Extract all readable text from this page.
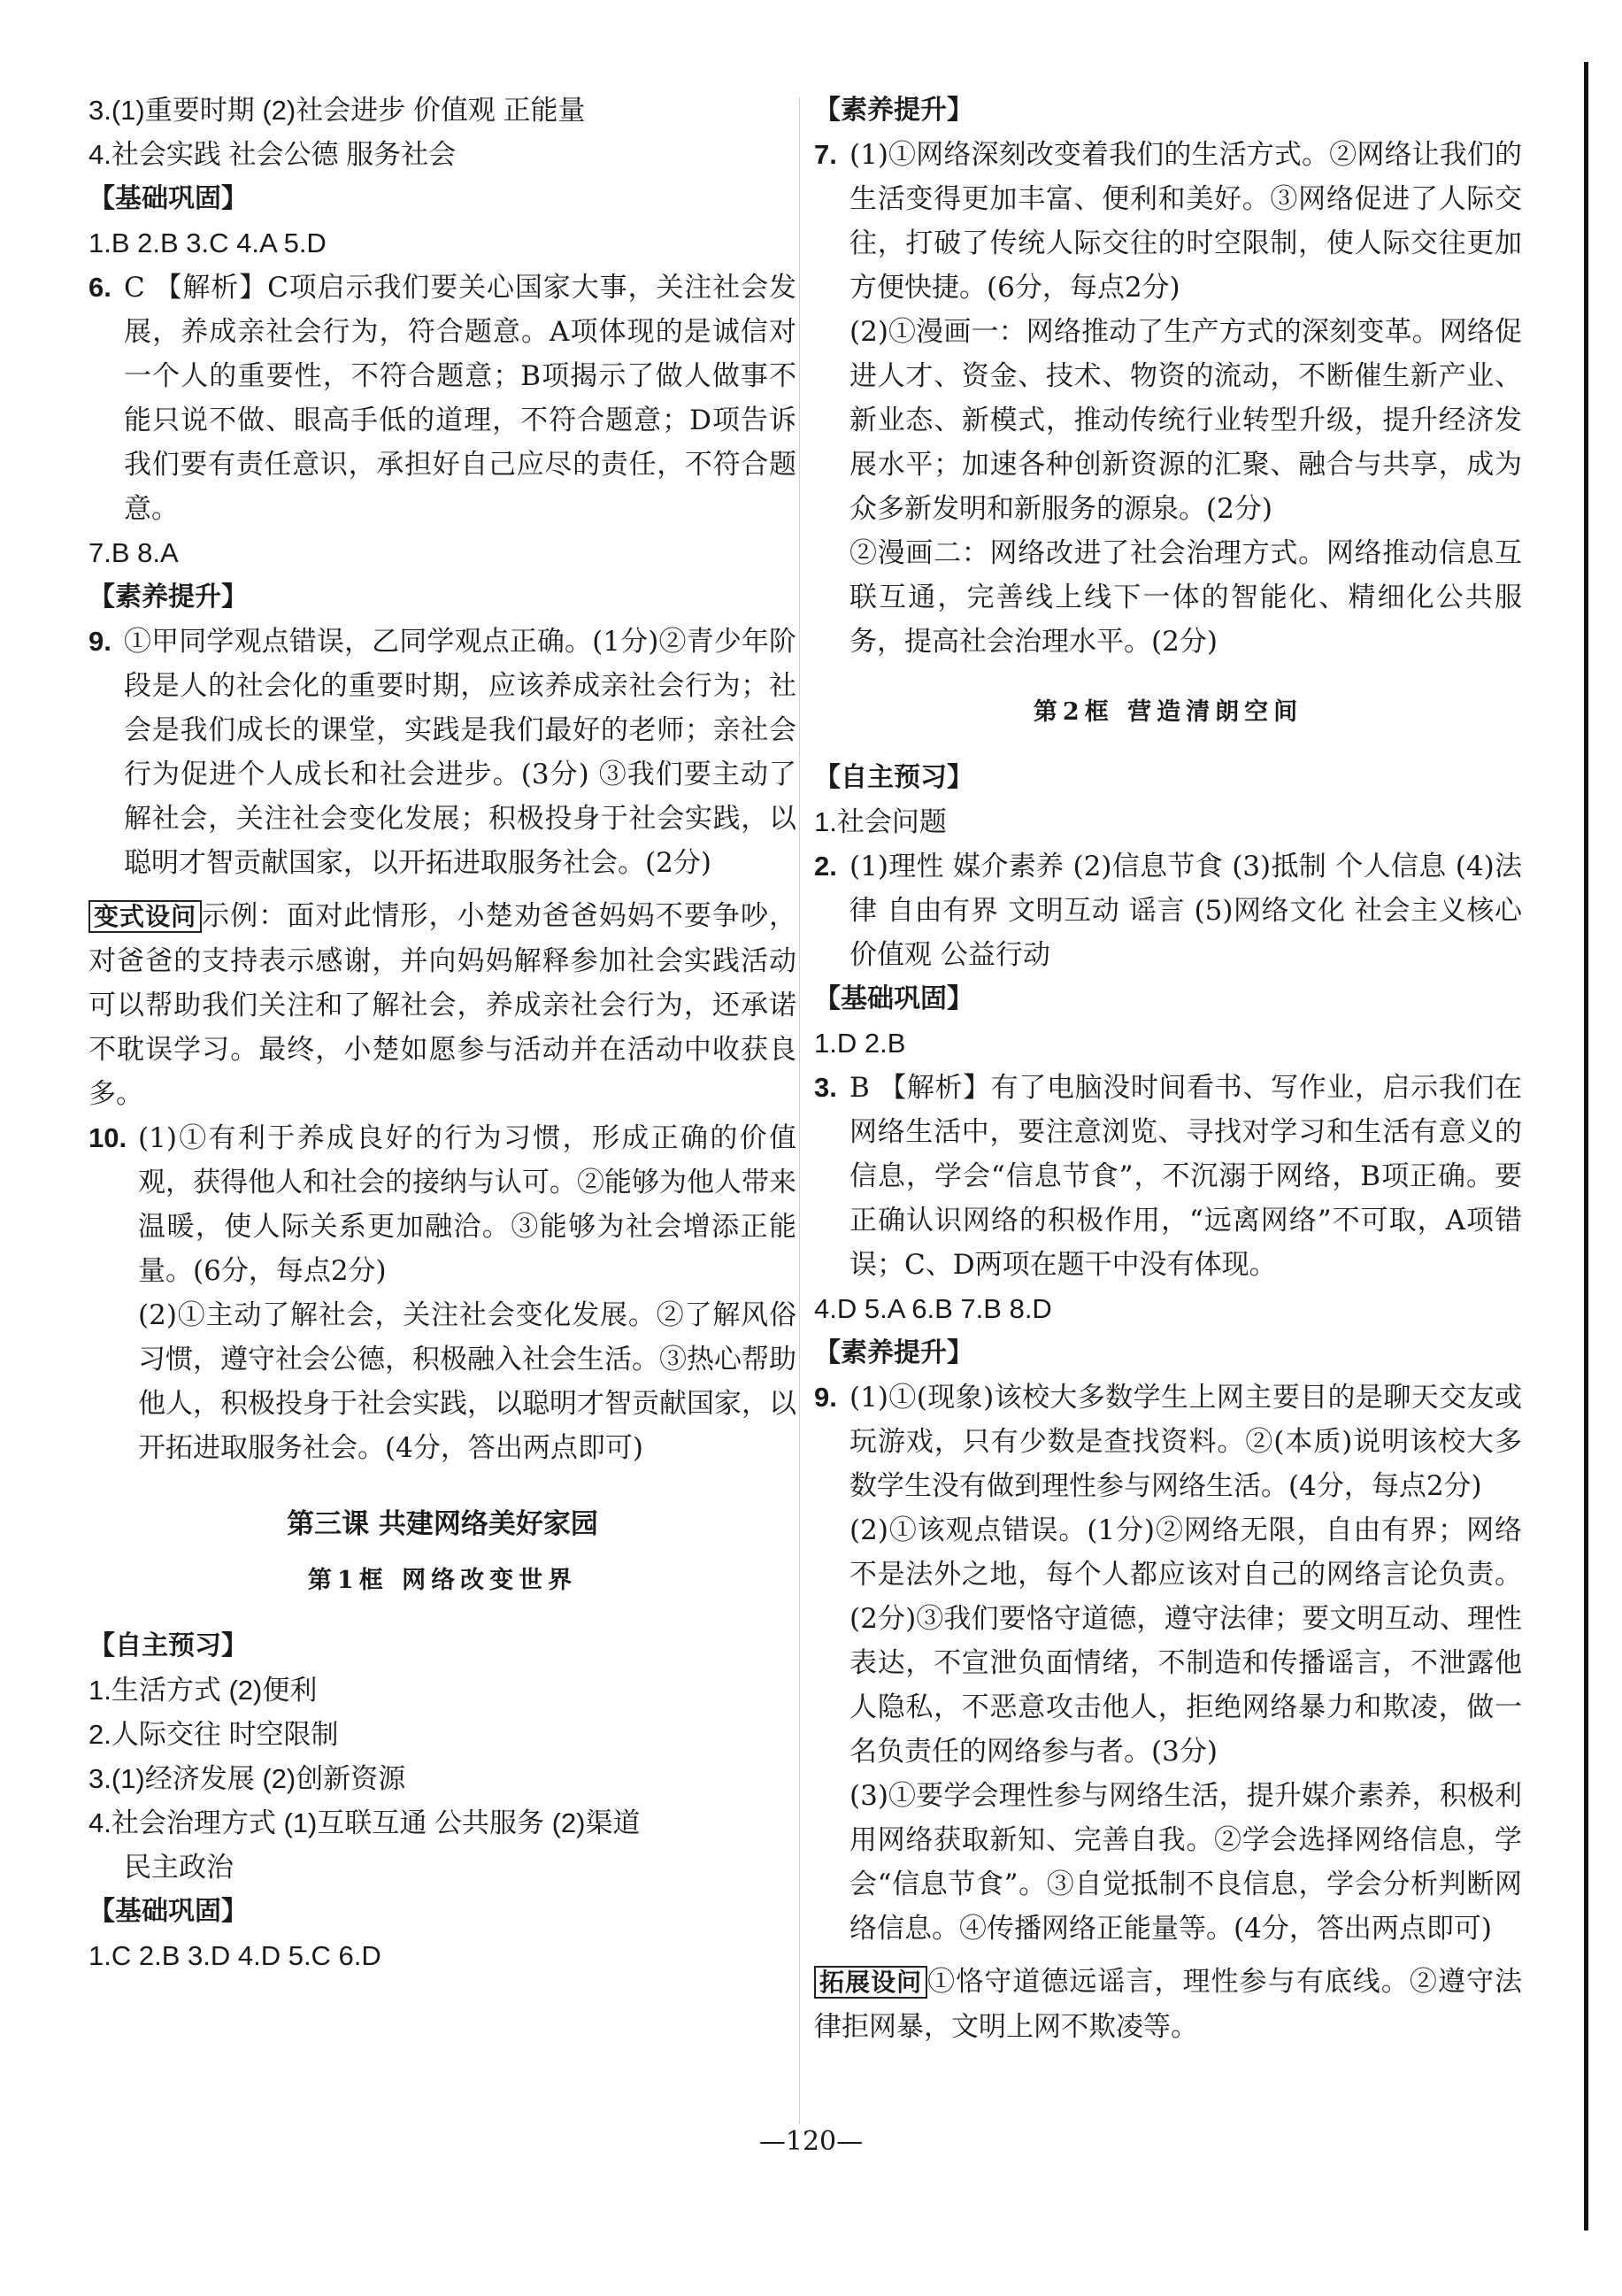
3.(1)重要时期 (2)社会进步 价值观 正能量

4.社会实践 社会公德 服务社会

【基础巩固】

1.B 2.B 3.C 4.A 5.D

6. C 【解析】C项启示我们要关心国家大事，关注社会发展，养成亲社会行为，符合题意。A项体现的是诚信对一个人的重要性，不符合题意；B项揭示了做人做事不能只说不做、眼高手低的道理，不符合题意；D项告诉我们要有责任意识，承担好自己应尽的责任，不符合题意。

7.B 8.A

【素养提升】

9. ①甲同学观点错误，乙同学观点正确。(1分)②青少年阶段是人的社会化的重要时期，应该养成亲社会行为；社会是我们成长的课堂，实践是我们最好的老师；亲社会行为促进个人成长和社会进步。(3分) ③我们要主动了解社会，关注社会变化发展；积极投身于社会实践，以聪明才智贡献国家，以开拓进取服务社会。(2分)

变式设问 示例：面对此情形，小楚劝爸爸妈妈不要争吵，对爸爸的支持表示感谢，并向妈妈解释参加社会实践活动可以帮助我们关注和了解社会，养成亲社会行为，还承诺不耽误学习。最终，小楚如愿参与活动并在活动中收获良多。

10. (1)①有利于养成良好的行为习惯，形成正确的价值观，获得他人和社会的接纳与认可。②能够为他人带来温暖，使人际关系更加融洽。③能够为社会增添正能量。(6分，每点2分)
(2)①主动了解社会，关注社会变化发展。②了解风俗习惯，遵守社会公德，积极融入社会生活。③热心帮助他人，积极投身于社会实践，以聪明才智贡献国家，以开拓进取服务社会。(4分，答出两点即可)
第三课 共建网络美好家园
第1框 网络改变世界

【自主预习】

1.生活方式 (2)便利

2.人际交往 时空限制

3.(1)经济发展 (2)创新资源

4.社会治理方式 (1)互联互通 公共服务 (2)渠道

民主政治

【基础巩固】

1.C 2.B 3.D 4.D 5.C 6.D

【素养提升】

7. (1)①网络深刻改变着我们的生活方式。②网络让我们的生活变得更加丰富、便利和美好。③网络促进了人际交往，打破了传统人际交往的时空限制，使人际交往更加方便快捷。(6分，每点2分)
(2)①漫画一：网络推动了生产方式的深刻变革。网络促进人才、资金、技术、物资的流动，不断催生新产业、新业态、新模式，推动传统行业转型升级，提升经济发展水平；加速各种创新资源的汇聚、融合与共享，成为众多新发明和新服务的源泉。(2分)
②漫画二：网络改进了社会治理方式。网络推动信息互联互通，完善线上线下一体的智能化、精细化公共服务，提高社会治理水平。(2分)
第2框 营造清朗空间

【自主预习】

1.社会问题

2. (1)理性 媒介素养 (2)信息节食 (3)抵制 个人信息 (4)法律 自由有界 文明互动 谣言 (5)网络文化 社会主义核心价值观 公益行动

【基础巩固】

1.D 2.B

3. B 【解析】有了电脑没时间看书、写作业，启示我们在网络生活中，要注意浏览、寻找对学习和生活有意义的信息，学会“信息节食”，不沉溺于网络，B项正确。要正确认识网络的积极作用，“远离网络”不可取，A项错误；C、D两项在题干中没有体现。

4.D 5.A 6.B 7.B 8.D

【素养提升】

9. (1)①(现象)该校大多数学生上网主要目的是聊天交友或玩游戏，只有少数是查找资料。②(本质)说明该校大多数学生没有做到理性参与网络生活。(4分，每点2分)
(2)①该观点错误。(1分)②网络无限，自由有界；网络不是法外之地，每个人都应该对自己的网络言论负责。(2分)③我们要恪守道德，遵守法律；要文明互动、理性表达，不宣泄负面情绪，不制造和传播谣言，不泄露他人隐私，不恶意攻击他人，拒绝网络暴力和欺凌，做一名负责任的网络参与者。(3分)
(3)①要学会理性参与网络生活，提升媒介素养，积极利用网络获取新知、完善自我。②学会选择网络信息，学会“信息节食”。③自觉抵制不良信息，学会分析判断网络信息。④传播网络正能量等。(4分，答出两点即可)

拓展设问 ①恪守道德远谣言，理性参与有底线。②遵守法律拒网暴，文明上网不欺凌等。

—120—
